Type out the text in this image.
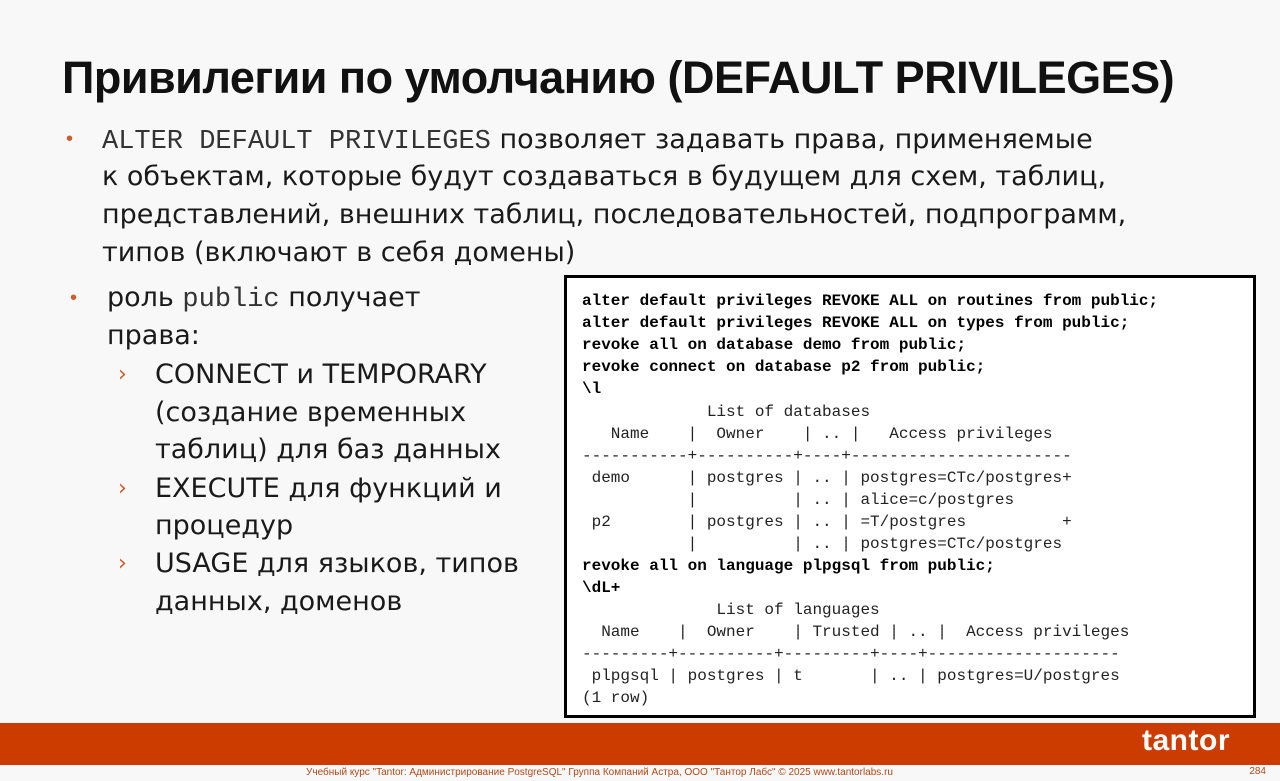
Привилегии по умолчанию (DEFAULT PRIVILEGES)
• ALTER DEFAULT PRIVILEGES позволяет задавать права, применяемые
к объектам, которые будут создаваться в будущем для схем, таблиц,
представлений, внешних таблиц, последовательностей, подпрограмм,
типов (включают в себя домены)
• роль public получает
права:
› CONNECT и TEMPORARY
(создание временных
таблиц) для баз данных
› EXECUTE для функций и
процедур
› USAGE для языков, типов
данных, доменов
alter default privileges REVOKE ALL on routines from public;
alter default privileges REVOKE ALL on types from public;
revoke all on database demo from public;
revoke connect on database p2 from public;
\l
List of databases
Name    |  Owner    | .. |   Access privileges
-----------+----------+----+-----------------------
demo      | postgres | .. | postgres=CTc/postgres+
|          | .. | alice=c/postgres
p2        | postgres | .. | =T/postgres          +
|          | .. | postgres=CTc/postgres
revoke all on language plpgsql from public;
\dL+
List of languages
Name    |  Owner    | Trusted | .. |  Access privileges
---------+----------+---------+----+--------------------
plpgsql | postgres | t       | .. | postgres=U/postgres
(1 row)
tantor
Учебный курс "Tantor: Администрирование PostgreSQL" Группа Компаний Астра, ООО "Тантор Лабс" © 2025 www.tantorlabs.ru	284
